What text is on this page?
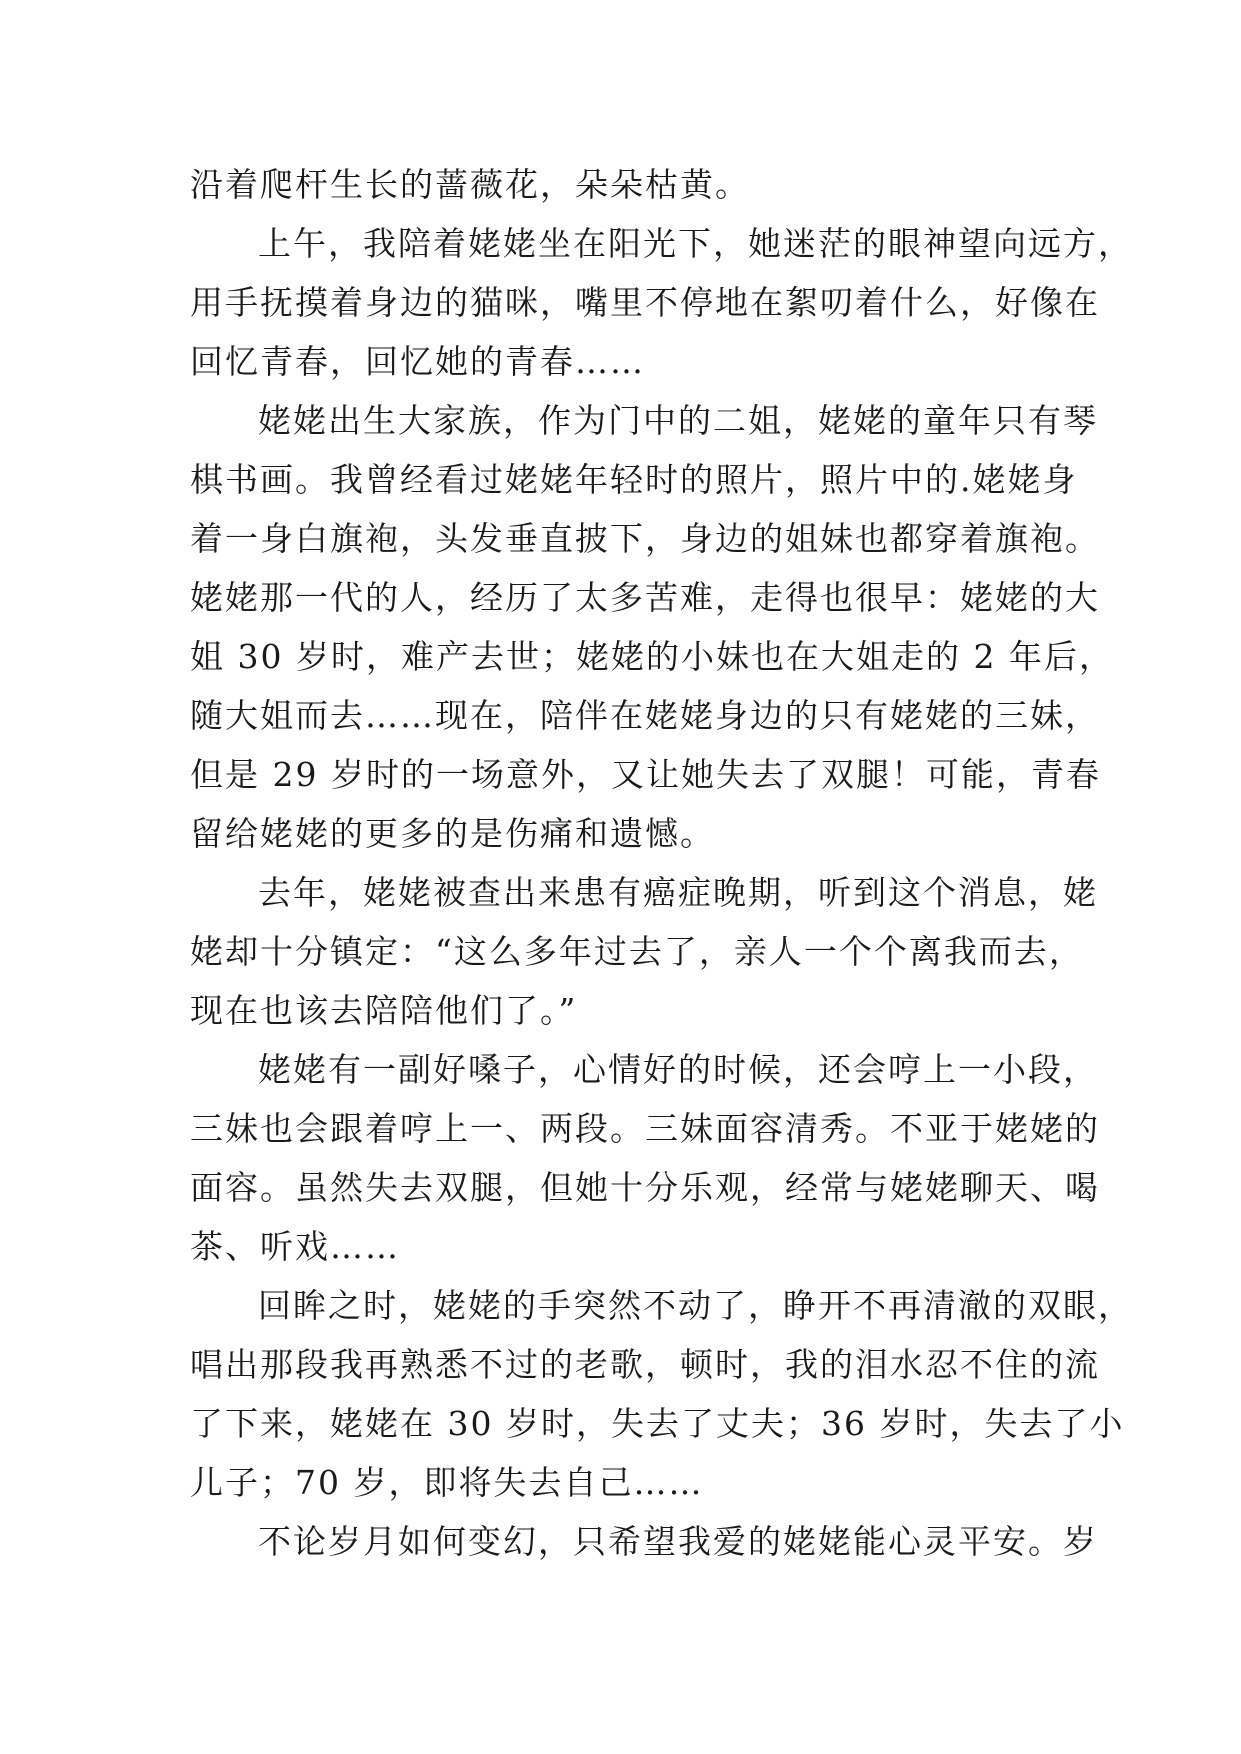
沿着爬杆生长的蔷薇花，朵朵枯黄。
上午，我陪着姥姥坐在阳光下，她迷茫的眼神望向远方，
用手抚摸着身边的猫咪，嘴里不停地在絮叨着什么，好像在
回忆青春，回忆她的青春……
姥姥出生大家族，作为门中的二姐，姥姥的童年只有琴
棋书画。我曾经看过姥姥年轻时的照片，照片中的.姥姥身
着一身白旗袍，头发垂直披下，身边的姐妹也都穿着旗袍。
姥姥那一代的人，经历了太多苦难，走得也很早：姥姥的大
姐 30 岁时，难产去世；姥姥的小妹也在大姐走的 2 年后，
随大姐而去……现在，陪伴在姥姥身边的只有姥姥的三妹，
但是 29 岁时的一场意外，又让她失去了双腿！可能，青春
留给姥姥的更多的是伤痛和遗憾。
去年，姥姥被查出来患有癌症晚期，听到这个消息，姥
姥却十分镇定：“这么多年过去了，亲人一个个离我而去，
现在也该去陪陪他们了。”
姥姥有一副好嗓子，心情好的时候，还会哼上一小段，
三妹也会跟着哼上一、两段。三妹面容清秀。不亚于姥姥的
面容。虽然失去双腿，但她十分乐观，经常与姥姥聊天、喝
茶、听戏……
回眸之时，姥姥的手突然不动了，睁开不再清澈的双眼，
唱出那段我再熟悉不过的老歌，顿时，我的泪水忍不住的流
了下来，姥姥在 30 岁时，失去了丈夫；36 岁时，失去了小
儿子；70 岁，即将失去自己……
不论岁月如何变幻，只希望我爱的姥姥能心灵平安。岁
